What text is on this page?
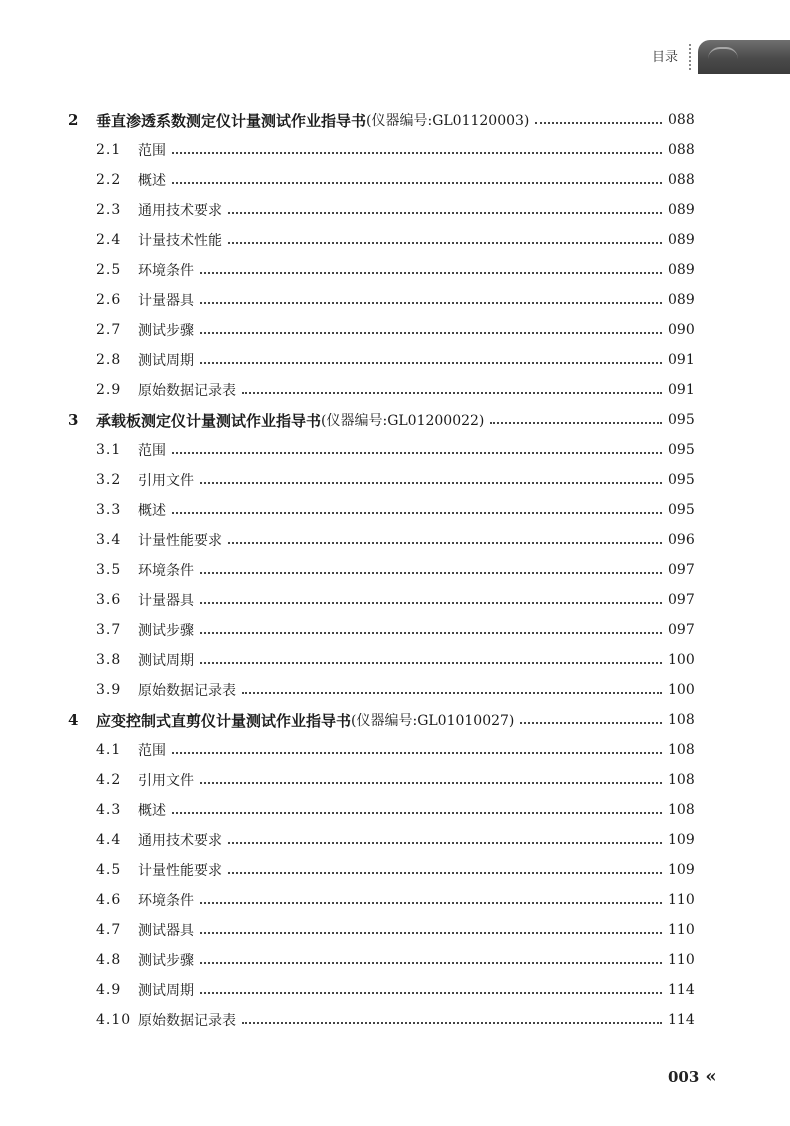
目录
2	垂直渗透系数测定仪计量测试作业指导书 (仪器编号:GL01120003)	088
2.1	范围	088
2.2	概述	088
2.3	通用技术要求	089
2.4	计量技术性能	089
2.5	环境条件	089
2.6	计量器具	089
2.7	测试步骤	090
2.8	测试周期	091
2.9	原始数据记录表	091
3	承载板测定仪计量测试作业指导书 (仪器编号:GL01200022)	095
3.1	范围	095
3.2	引用文件	095
3.3	概述	095
3.4	计量性能要求	096
3.5	环境条件	097
3.6	计量器具	097
3.7	测试步骤	097
3.8	测试周期	100
3.9	原始数据记录表	100
4	应变控制式直剪仪计量测试作业指导书 (仪器编号:GL01010027)	108
4.1	范围	108
4.2	引用文件	108
4.3	概述	108
4.4	通用技术要求	109
4.5	计量性能要求	109
4.6	环境条件	110
4.7	测试器具	110
4.8	测试步骤	110
4.9	测试周期	114
4.10 原始数据记录表	114
003 «
